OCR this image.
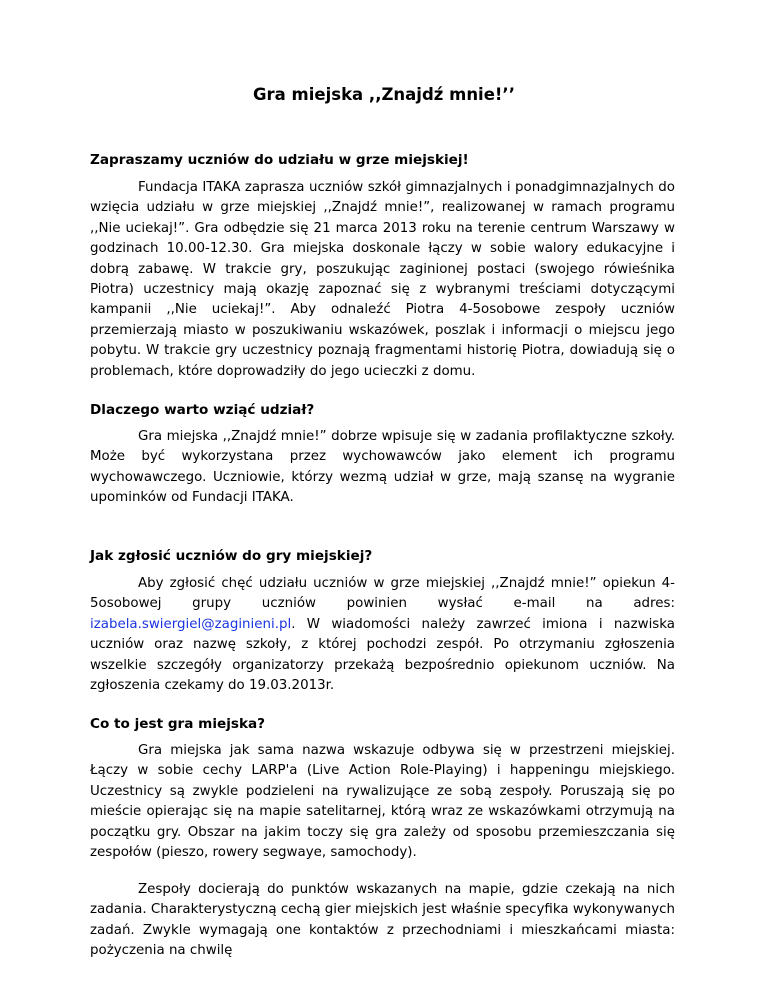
Gra miejska ,,Znajdź mnie!’’
Zapraszamy uczniów do udziału w grze miejskiej!
Fundacja ITAKA zaprasza uczniów szkół gimnazjalnych i ponadgimnazjalnych do wzięcia udziału w grze miejskiej ,,Znajdź mnie!”, realizowanej w ramach programu ,,Nie uciekaj!”. Gra odbędzie się 21 marca 2013 roku na terenie centrum Warszawy w godzinach 10.00-12.30. Gra miejska doskonale łączy w sobie walory edukacyjne i dobrą zabawę. W trakcie gry, poszukując zaginionej postaci (swojego rówieśnika Piotra) uczestnicy mają okazję zapoznać się z wybranymi treściami dotyczącymi kampanii ,,Nie uciekaj!”. Aby odnaleźć Piotra 4-5osobowe zespoły uczniów przemierzają miasto w poszukiwaniu wskazówek, poszlak i informacji o miejscu jego pobytu. W trakcie gry uczestnicy poznają fragmentami historię Piotra, dowiadują się o problemach, które doprowadziły do jego ucieczki z domu.
Dlaczego warto wziąć udział?
Gra miejska ,,Znajdź mnie!” dobrze wpisuje się w zadania profilaktyczne szkoły. Może być wykorzystana przez wychowawców jako element ich programu wychowawczego. Uczniowie, którzy wezmą udział w grze, mają szansę na wygranie upominków od Fundacji ITAKA.
Jak zgłosić uczniów do gry miejskiej?
Aby zgłosić chęć udziału uczniów w grze miejskiej ,,Znajdź mnie!” opiekun 4-5osobowej grupy uczniów powinien wysłać e-mail na adres: izabela.swiergiel@zaginieni.pl. W wiadomości należy zawrzeć imiona i nazwiska uczniów oraz nazwę szkoły, z której pochodzi zespół. Po otrzymaniu zgłoszenia wszelkie szczegóły organizatorzy przekażą bezpośrednio opiekunom uczniów. Na zgłoszenia czekamy do 19.03.2013r.
Co to jest gra miejska?
Gra miejska jak sama nazwa wskazuje odbywa się w przestrzeni miejskiej. Łączy w sobie cechy LARP'a (Live Action Role-Playing) i happeningu miejskiego. Uczestnicy są zwykle podzieleni na rywalizujące ze sobą zespoły. Poruszają się po mieście opierając się na mapie satelitarnej, którą wraz ze wskazówkami otrzymują na początku gry. Obszar na jakim toczy się gra zależy od sposobu przemieszczania się zespołów (pieszo, rowery segwaye, samochody).
Zespoły docierają do punktów wskazanych na mapie, gdzie czekają na nich zadania. Charakterystyczną cechą gier miejskich jest właśnie specyfika wykonywanych zadań. Zwykle wymagają one kontaktów z przechodniami i mieszkańcami miasta: pożyczenia na chwilę
